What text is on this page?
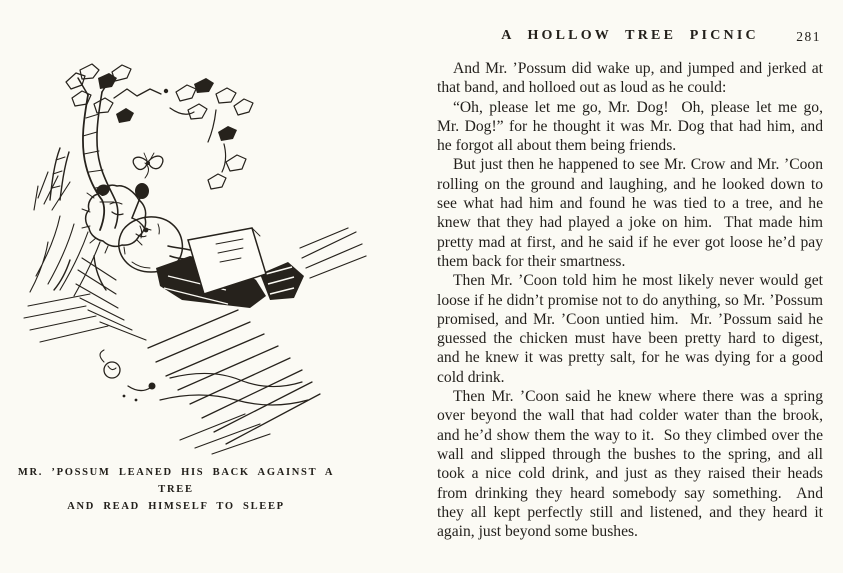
MR. ’POSSUM LEANED HIS BACK AGAINST A TREE
AND READ HIMSELF TO SLEEP
A HOLLOW TREE PICNIC	281
And Mr. ’Possum did wake up, and jumped and jerked at
that band, and holloed out as loud as he could:
“Oh, please let me go, Mr. Dog!  Oh, please let me go,
Mr. Dog!” for he thought it was Mr. Dog that had him, and
he forgot all about them being friends.
But just then he happened to see Mr. Crow and Mr. ’Coon
rolling on the ground and laughing, and he looked down to
see what had him and found he was tied to a tree, and he
knew that they had played a joke on him.  That made him
pretty mad at first, and he said if he ever got loose he’d pay
them back for their smartness.
Then Mr. ’Coon told him he most likely never would get
loose if he didn’t promise not to do anything, so Mr. ’Possum
promised, and Mr. ’Coon untied him.  Mr. ’Possum said he
guessed the chicken must have been pretty hard to digest,
and he knew it was pretty salt, for he was dying for a good
cold drink.
Then Mr. ’Coon said he knew where there was a spring
over beyond the wall that had colder water than the brook,
and he’d show them the way to it.  So they climbed over the
wall and slipped through the bushes to the spring, and all
took a nice cold drink, and just as they raised their heads
from drinking they heard somebody say something.  And
they all kept perfectly still and listened, and they heard it
again, just beyond some bushes.
